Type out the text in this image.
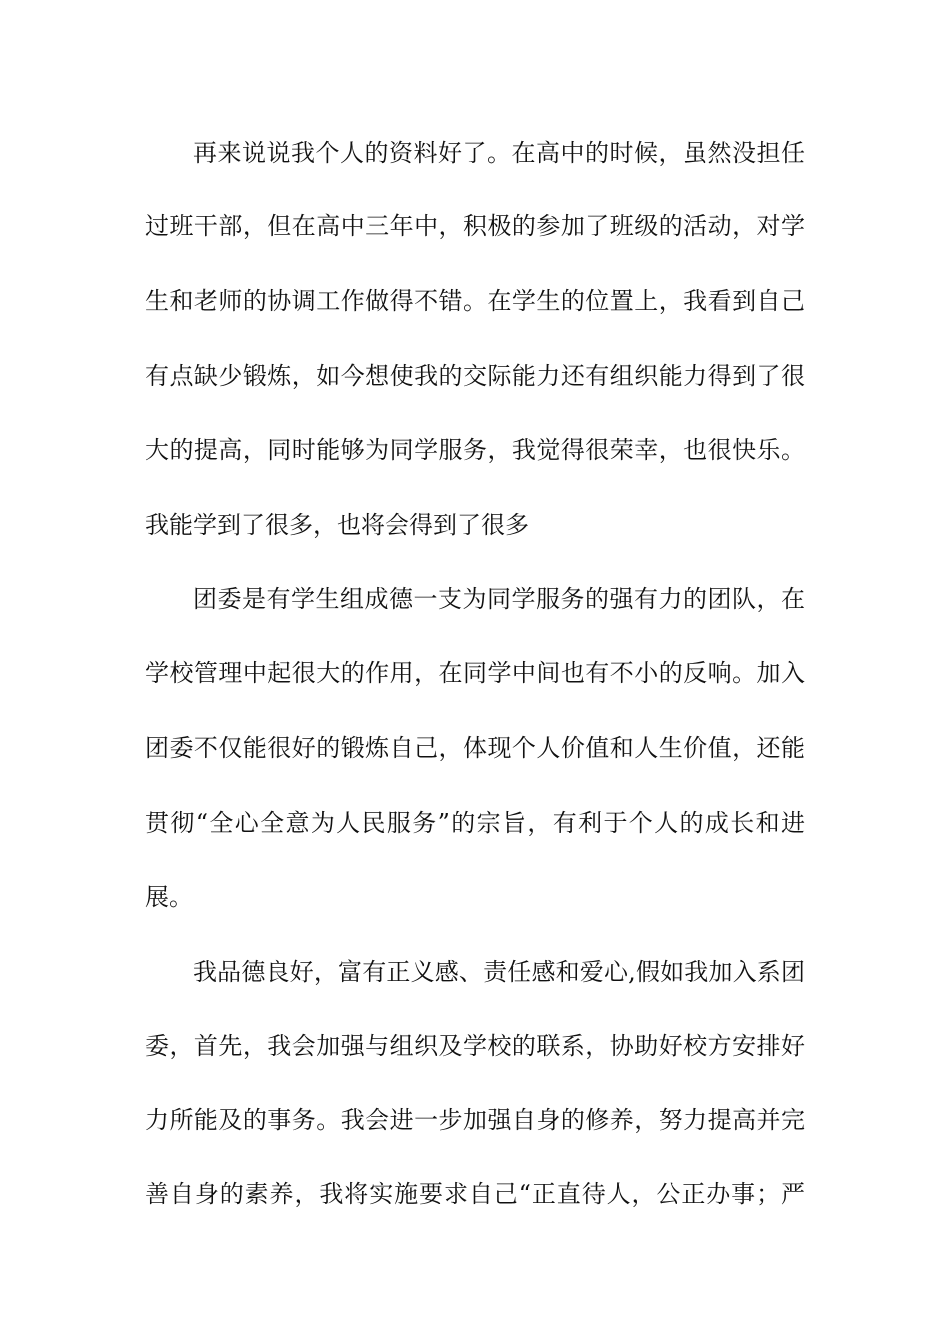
再来说说我个人的资料好了。在高中的时候，虽然没担任
过班干部，但在高中三年中，积极的参加了班级的活动，对学
生和老师的协调工作做得不错。在学生的位置上，我看到自己
有点缺少锻炼，如今想使我的交际能力还有组织能力得到了很
大的提高，同时能够为同学服务，我觉得很荣幸，也很快乐。
我能学到了很多，也将会得到了很多
团委是有学生组成德一支为同学服务的强有力的团队，在
学校管理中起很大的作用，在同学中间也有不小的反响。加入
团委不仅能很好的锻炼自己，体现个人价值和人生价值，还能
贯彻“全心全意为人民服务”的宗旨，有利于个人的成长和进
展。
我品德良好，富有正义感、责任感和爱心,假如我加入系团
委，首先，我会加强与组织及学校的联系，协助好校方安排好
力所能及的事务。我会进一步加强自身的修养，努力提高并完
善自身的素养，我将实施要求自己“正直待人，公正办事；严
